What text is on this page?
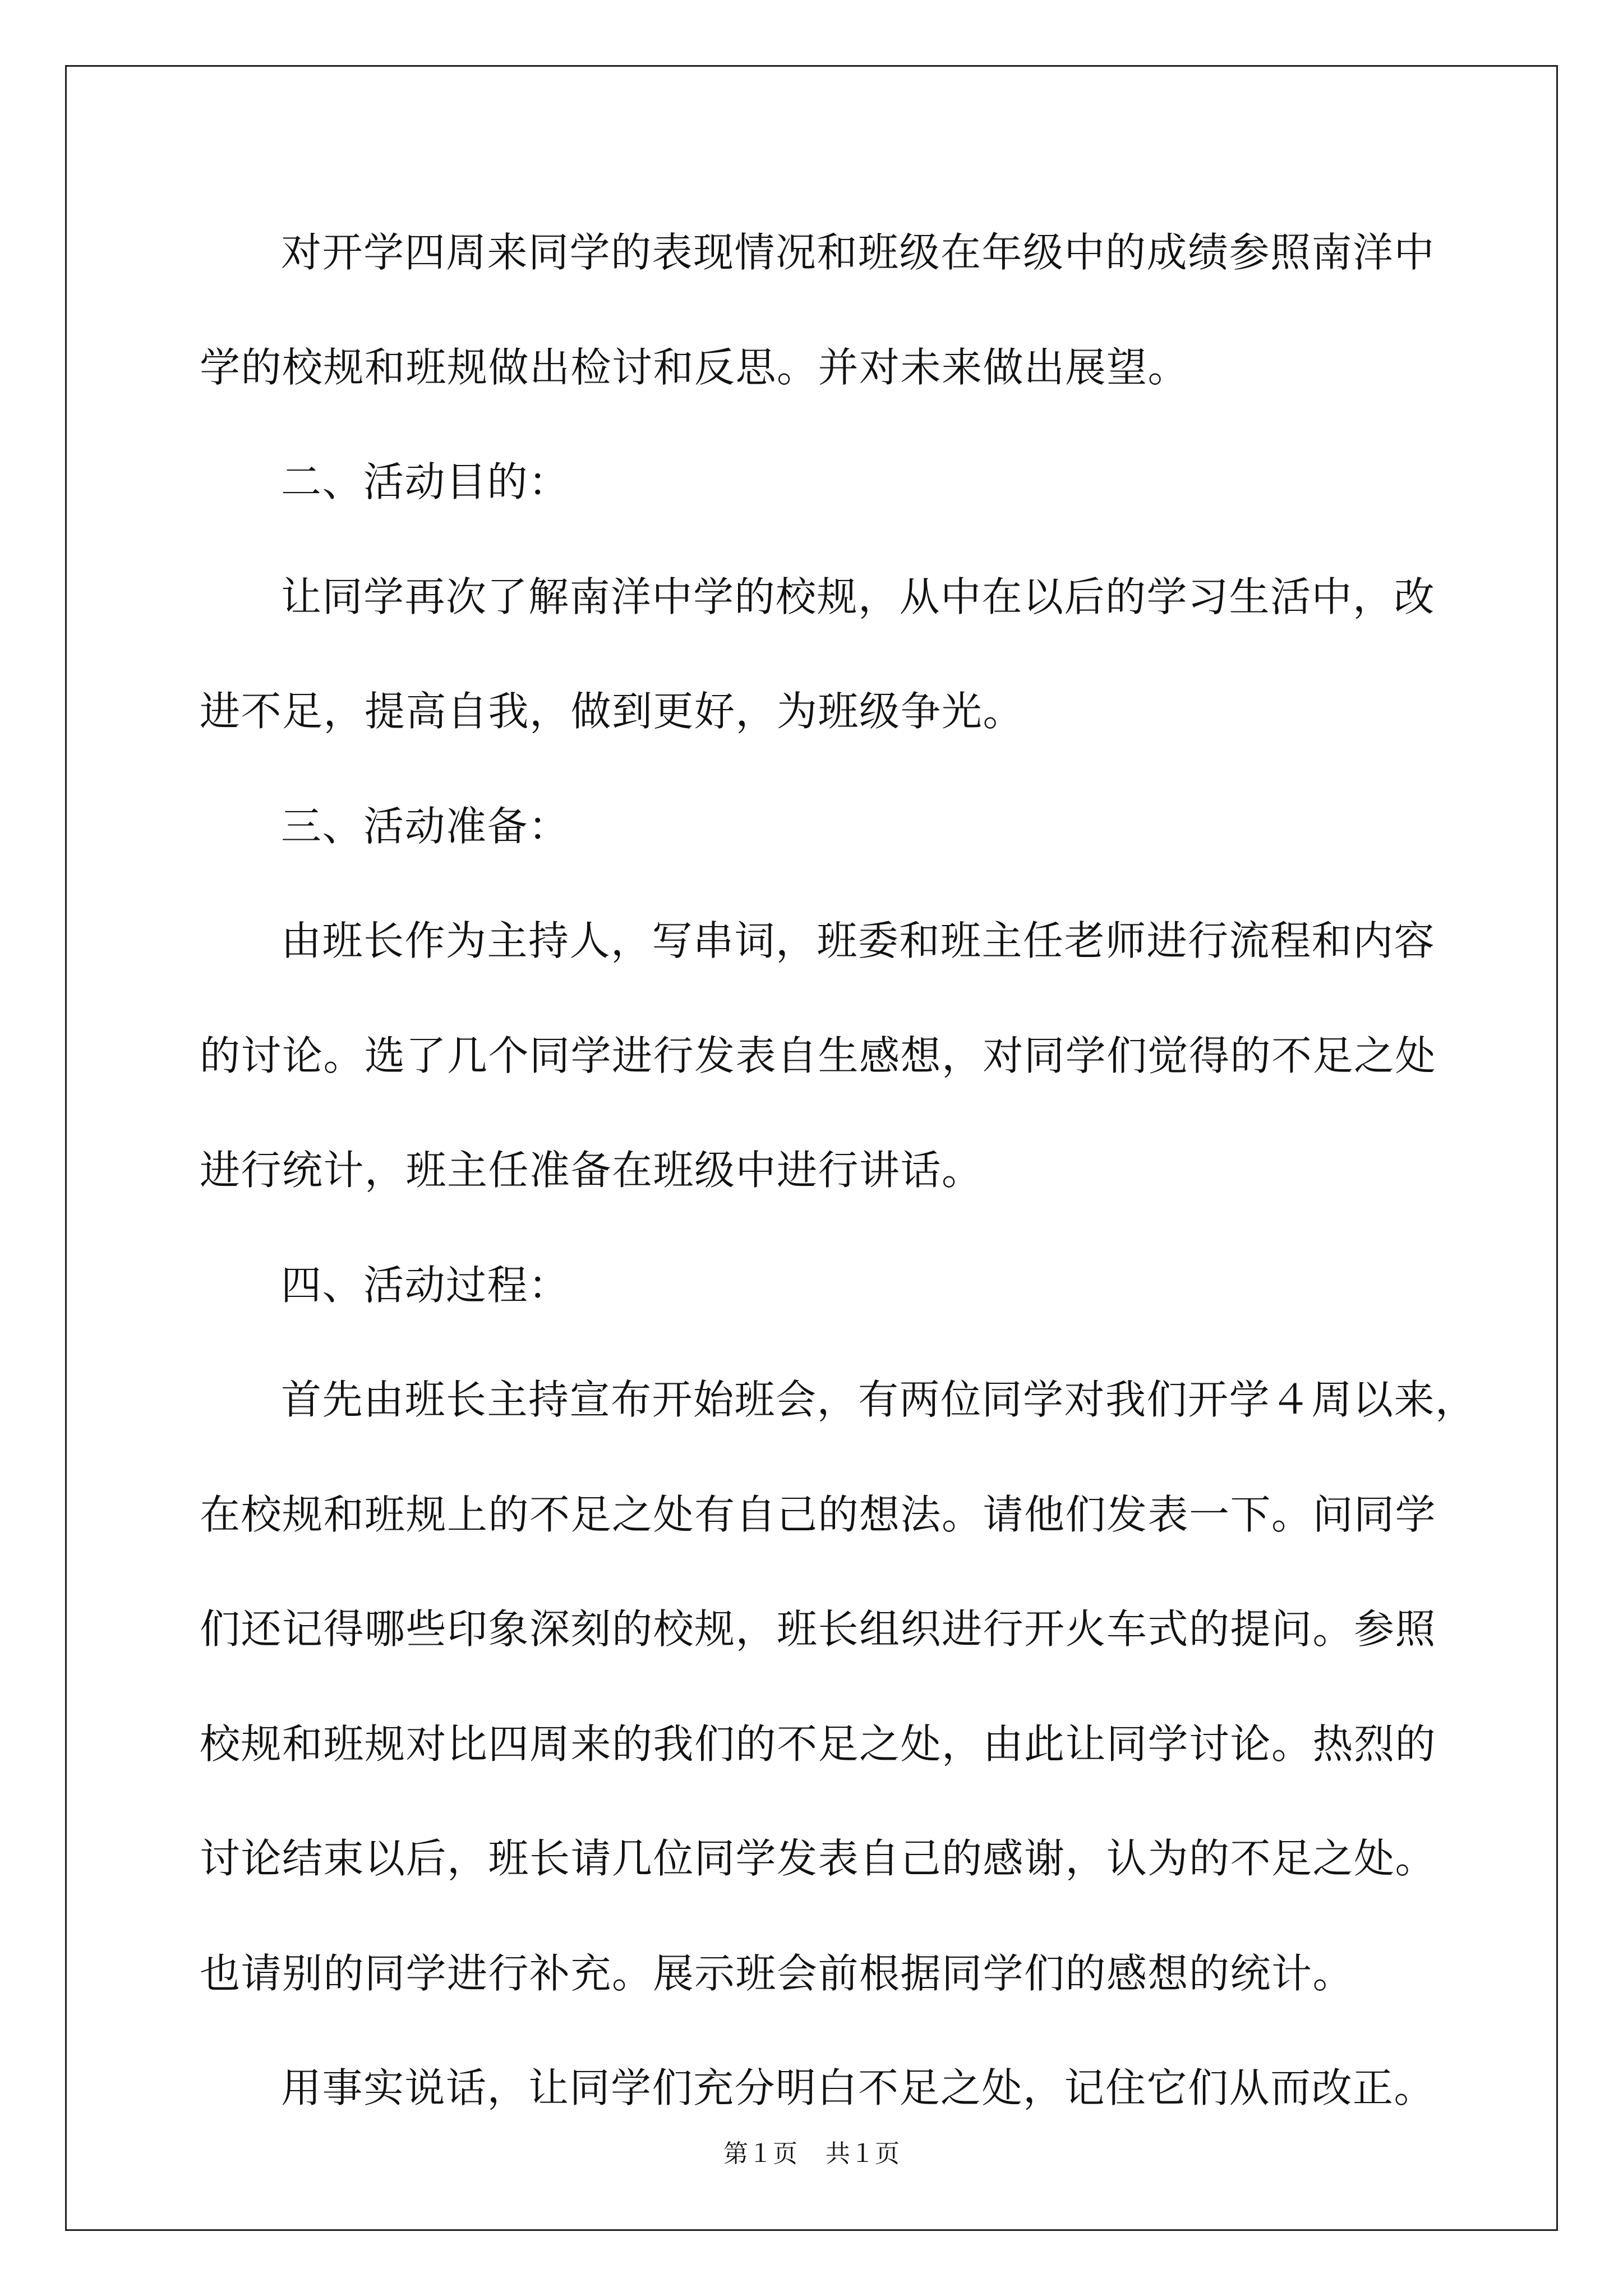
对开学四周来同学的表现情况和班级在年级中的成绩参照南洋中
学的校规和班规做出检讨和反思。并对未来做出展望。
二、活动目的：
让同学再次了解南洋中学的校规，从中在以后的学习生活中，改
进不足，提高自我，做到更好，为班级争光。
三、活动准备：
由班长作为主持人，写串词，班委和班主任老师进行流程和内容
的讨论。选了几个同学进行发表自生感想，对同学们觉得的不足之处
进行统计，班主任准备在班级中进行讲话。
四、活动过程：
首先由班长主持宣布开始班会，有两位同学对我们开学４周以来，
在校规和班规上的不足之处有自己的想法。请他们发表一下。问同学
们还记得哪些印象深刻的校规，班长组织进行开火车式的提问。参照
校规和班规对比四周来的我们的不足之处，由此让同学讨论。热烈的
讨论结束以后，班长请几位同学发表自己的感谢，认为的不足之处。
也请别的同学进行补充。展示班会前根据同学们的感想的统计。
用事实说话，让同学们充分明白不足之处，记住它们从而改正。
第１页 共１页
